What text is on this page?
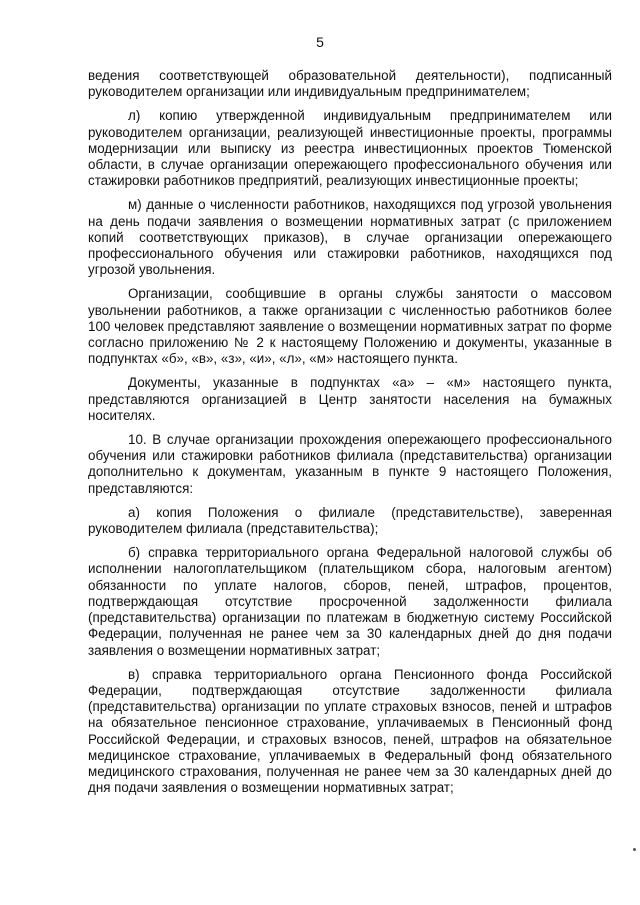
5

ведения соответствующей образовательной деятельности), подписанный руководителем организации или индивидуальным предпринимателем;

л) копию утвержденной индивидуальным предпринимателем или руководителем организации, реализующей инвестиционные проекты, программы модернизации или выписку из реестра инвестиционных проектов Тюменской области, в случае организации опережающего профессионального обучения или стажировки работников предприятий, реализующих инвестиционные проекты;

м) данные о численности работников, находящихся под угрозой увольнения на день подачи заявления о возмещении нормативных затрат (с приложением копий соответствующих приказов), в случае организации опережающего профессионального обучения или стажировки работников, находящихся под угрозой увольнения.

Организации, сообщившие в органы службы занятости о массовом увольнении работников, а также организации с численностью работников более 100 человек представляют заявление о возмещении нормативных затрат по форме согласно приложению № 2 к настоящему Положению и документы, указанные в подпунктах «б», «в», «з», «и», «л», «м» настоящего пункта.

Документы, указанные в подпунктах «а» – «м» настоящего пункта, представляются организацией в Центр занятости населения на бумажных носителях.

10. В случае организации прохождения опережающего профессионального обучения или стажировки работников филиала (представительства) организации дополнительно к документам, указанным в пункте 9 настоящего Положения, представляются:

а) копия Положения о филиале (представительстве), заверенная руководителем филиала (представительства);

б) справка территориального органа Федеральной налоговой службы об исполнении налогоплательщиком (плательщиком сбора, налоговым агентом) обязанности по уплате налогов, сборов, пеней, штрафов, процентов, подтверждающая отсутствие просроченной задолженности филиала (представительства) организации по платежам в бюджетную систему Российской Федерации, полученная не ранее чем за 30 календарных дней до дня подачи заявления о возмещении нормативных затрат;

в) справка территориального органа Пенсионного фонда Российской Федерации, подтверждающая отсутствие задолженности филиала (представительства) организации по уплате страховых взносов, пеней и штрафов на обязательное пенсионное страхование, уплачиваемых в Пенсионный фонд Российской Федерации, и страховых взносов, пеней, штрафов на обязательное медицинское страхование, уплачиваемых в Федеральный фонд обязательного медицинского страхования, полученная не ранее чем за 30 календарных дней до дня подачи заявления о возмещении нормативных затрат;
